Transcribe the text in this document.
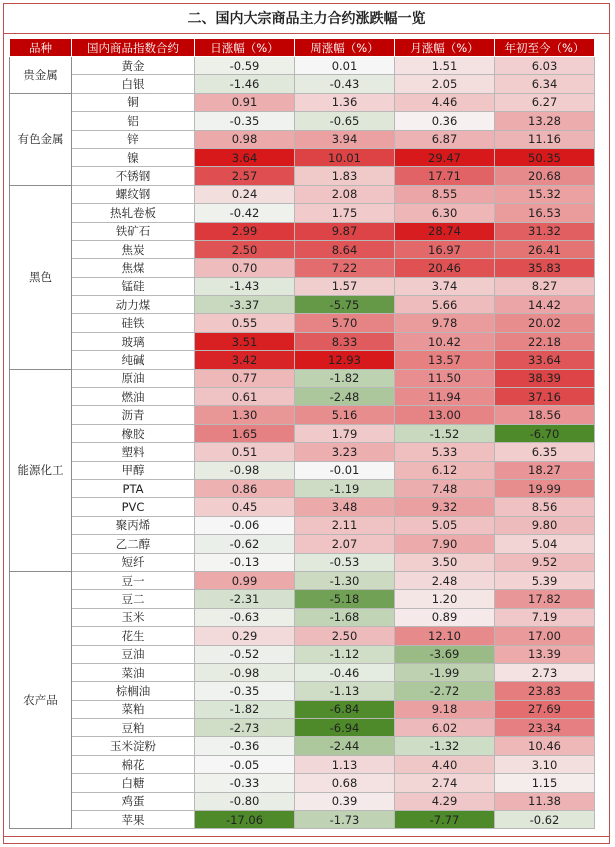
二、国内大宗商品主力合约涨跌幅一览
品种	国内商品指数合约	日涨幅（%）	周涨幅（%）	月涨幅（%）	年初至今（%）
贵金属	黄金	-0.59	0.01	1.51	6.03
	白银	-1.46	-0.43	2.05	6.34
有色金属	铜	0.91	1.36	4.46	6.27
	铝	-0.35	-0.65	0.36	13.28
	锌	0.98	3.94	6.87	11.16
	镍	3.64	10.01	29.47	50.35
	不锈钢	2.57	1.83	17.71	20.68
黑色	螺纹钢	0.24	2.08	8.55	15.32
	热轧卷板	-0.42	1.75	6.30	16.53
	铁矿石	2.99	9.87	28.74	31.32
	焦炭	2.50	8.64	16.97	26.41
	焦煤	0.70	7.22	20.46	35.83
	锰硅	-1.43	1.57	3.74	8.27
	动力煤	-3.37	-5.75	5.66	14.42
	硅铁	0.55	5.70	9.78	20.02
	玻璃	3.51	8.33	10.42	22.18
	纯碱	3.42	12.93	13.57	33.64
能源化工	原油	0.77	-1.82	11.50	38.39
	燃油	0.61	-2.48	11.94	37.16
	沥青	1.30	5.16	13.00	18.56
	橡胶	1.65	1.79	-1.52	-6.70
	塑料	0.51	3.23	5.33	6.35
	甲醇	-0.98	-0.01	6.12	18.27
	PTA	0.86	-1.19	7.48	19.99
	PVC	0.45	3.48	9.32	8.56
	聚丙烯	-0.06	2.11	5.05	9.80
	乙二醇	-0.62	2.07	7.90	5.04
	短纤	-0.13	-0.53	3.50	9.52
农产品	豆一	0.99	-1.30	2.48	5.39
	豆二	-2.31	-5.18	1.20	17.82
	玉米	-0.63	-1.68	0.89	7.19
	花生	0.29	2.50	12.10	17.00
	豆油	-0.52	-1.12	-3.69	13.39
	菜油	-0.98	-0.46	-1.99	2.73
	棕榈油	-0.35	-1.13	-2.72	23.83
	菜粕	-1.82	-6.84	9.18	27.69
	豆粕	-2.73	-6.94	6.02	23.34
	玉米淀粉	-0.36	-2.44	-1.32	10.46
	棉花	-0.05	1.13	4.40	3.10
	白糖	-0.33	0.68	2.74	1.15
	鸡蛋	-0.80	0.39	4.29	11.38
	苹果	-17.06	-1.73	-7.77	-0.62
